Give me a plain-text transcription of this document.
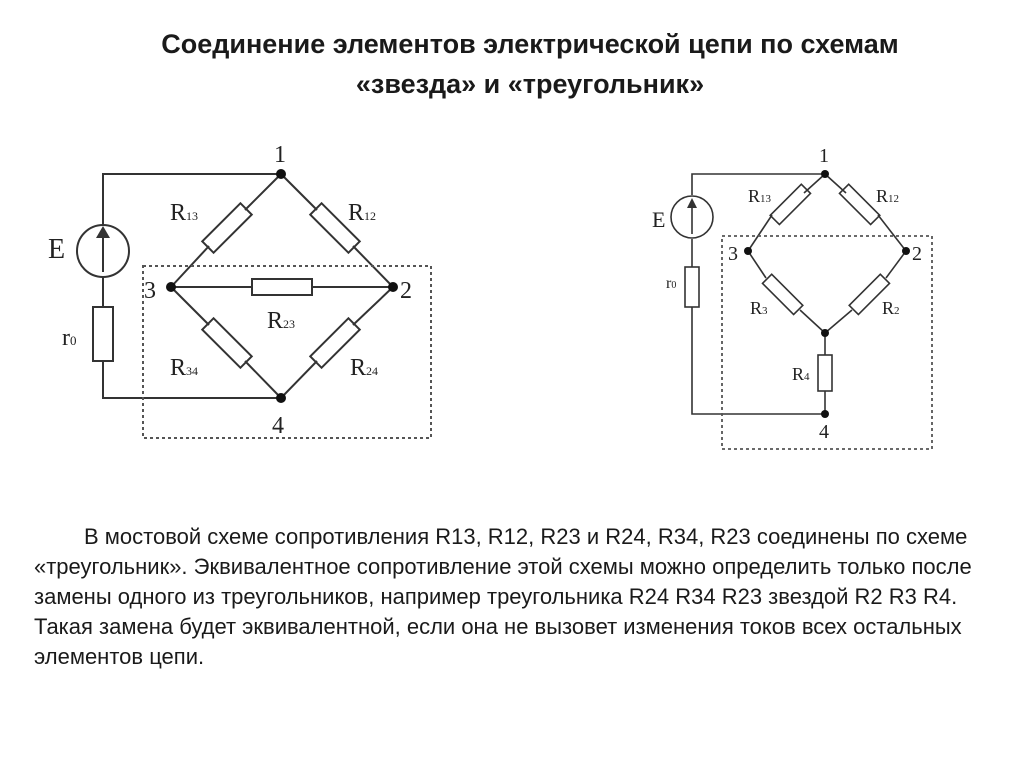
Соединение элементов электрической цепи по схемам
«звезда» и «треугольник»
E
r0
1
2
3
4
R13	R12
R23
R34	R24
E
r0
1
2
3
4
R13	R12
R3	R2
R4

В мостовой схеме сопротивления R13, R12, R23 и R24, R34, R23 соединены по схеме «треугольник». Эквивалентное сопротивление этой схемы можно определить только после замены одного из треугольников, например треугольника R24 R34 R23 звездой R2 R3 R4. Такая замена будет эквивалентной, если она не вызовет изменения токов всех остальных элементов цепи.
